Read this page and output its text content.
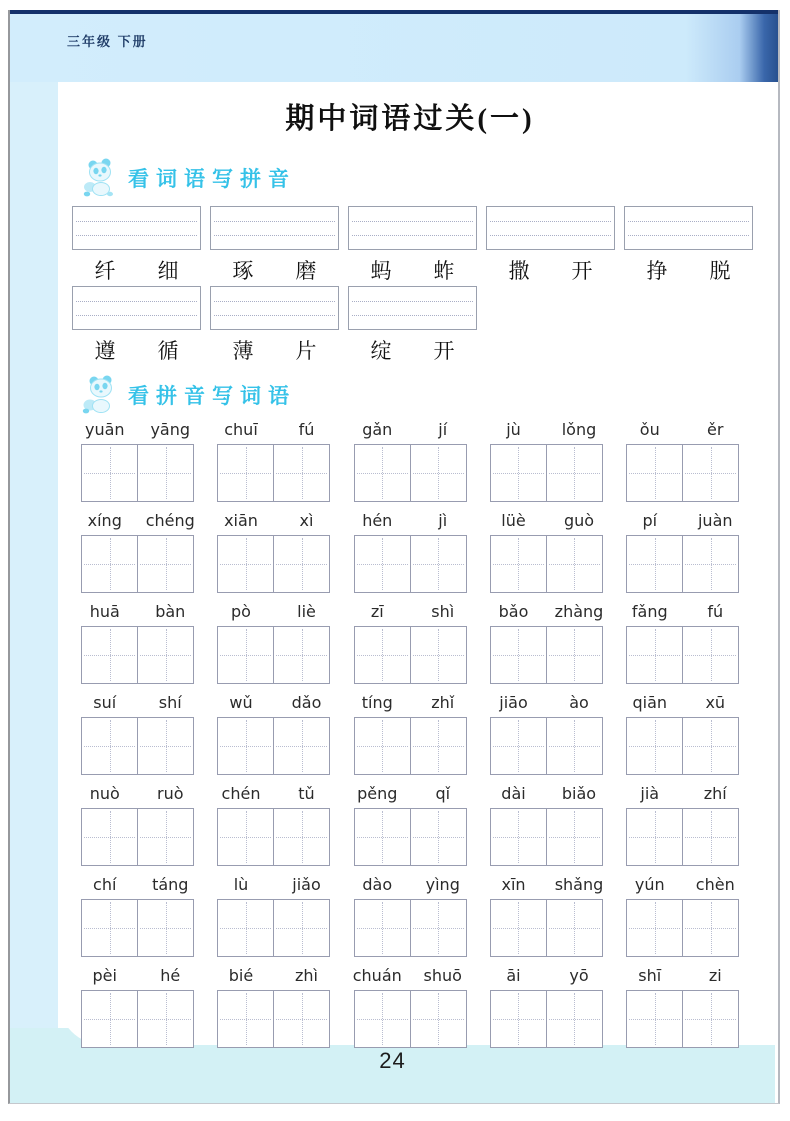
三年级 下册
24
期中词语过关(一)
看词语写拼音
纤 细	琢 磨	蚂 蚱	撒 开	挣 脱
遵 循	薄 片	绽 开
看拼音写词语
yuān	yāng	chuī	fú	gǎn	jí	jù	lǒng	ǒu	ěr
xíng	chéng	xiān	xì	hén	jì	lüè	guò	pí	juàn
huā	bàn	pò	liè	zī	shì	bǎo	zhàng	fǎng	fú
suí	shí	wǔ	dǎo	tíng	zhǐ	jiāo	ào	qiān	xū
nuò	ruò	chén	tǔ	pěng	qǐ	dài	biǎo	jià	zhí
chí	táng	lù	jiǎo	dào	yìng	xīn	shǎng	yún	chèn
pèi	hé	bié	zhì	chuán	shuō	āi	yō	shī	zi
